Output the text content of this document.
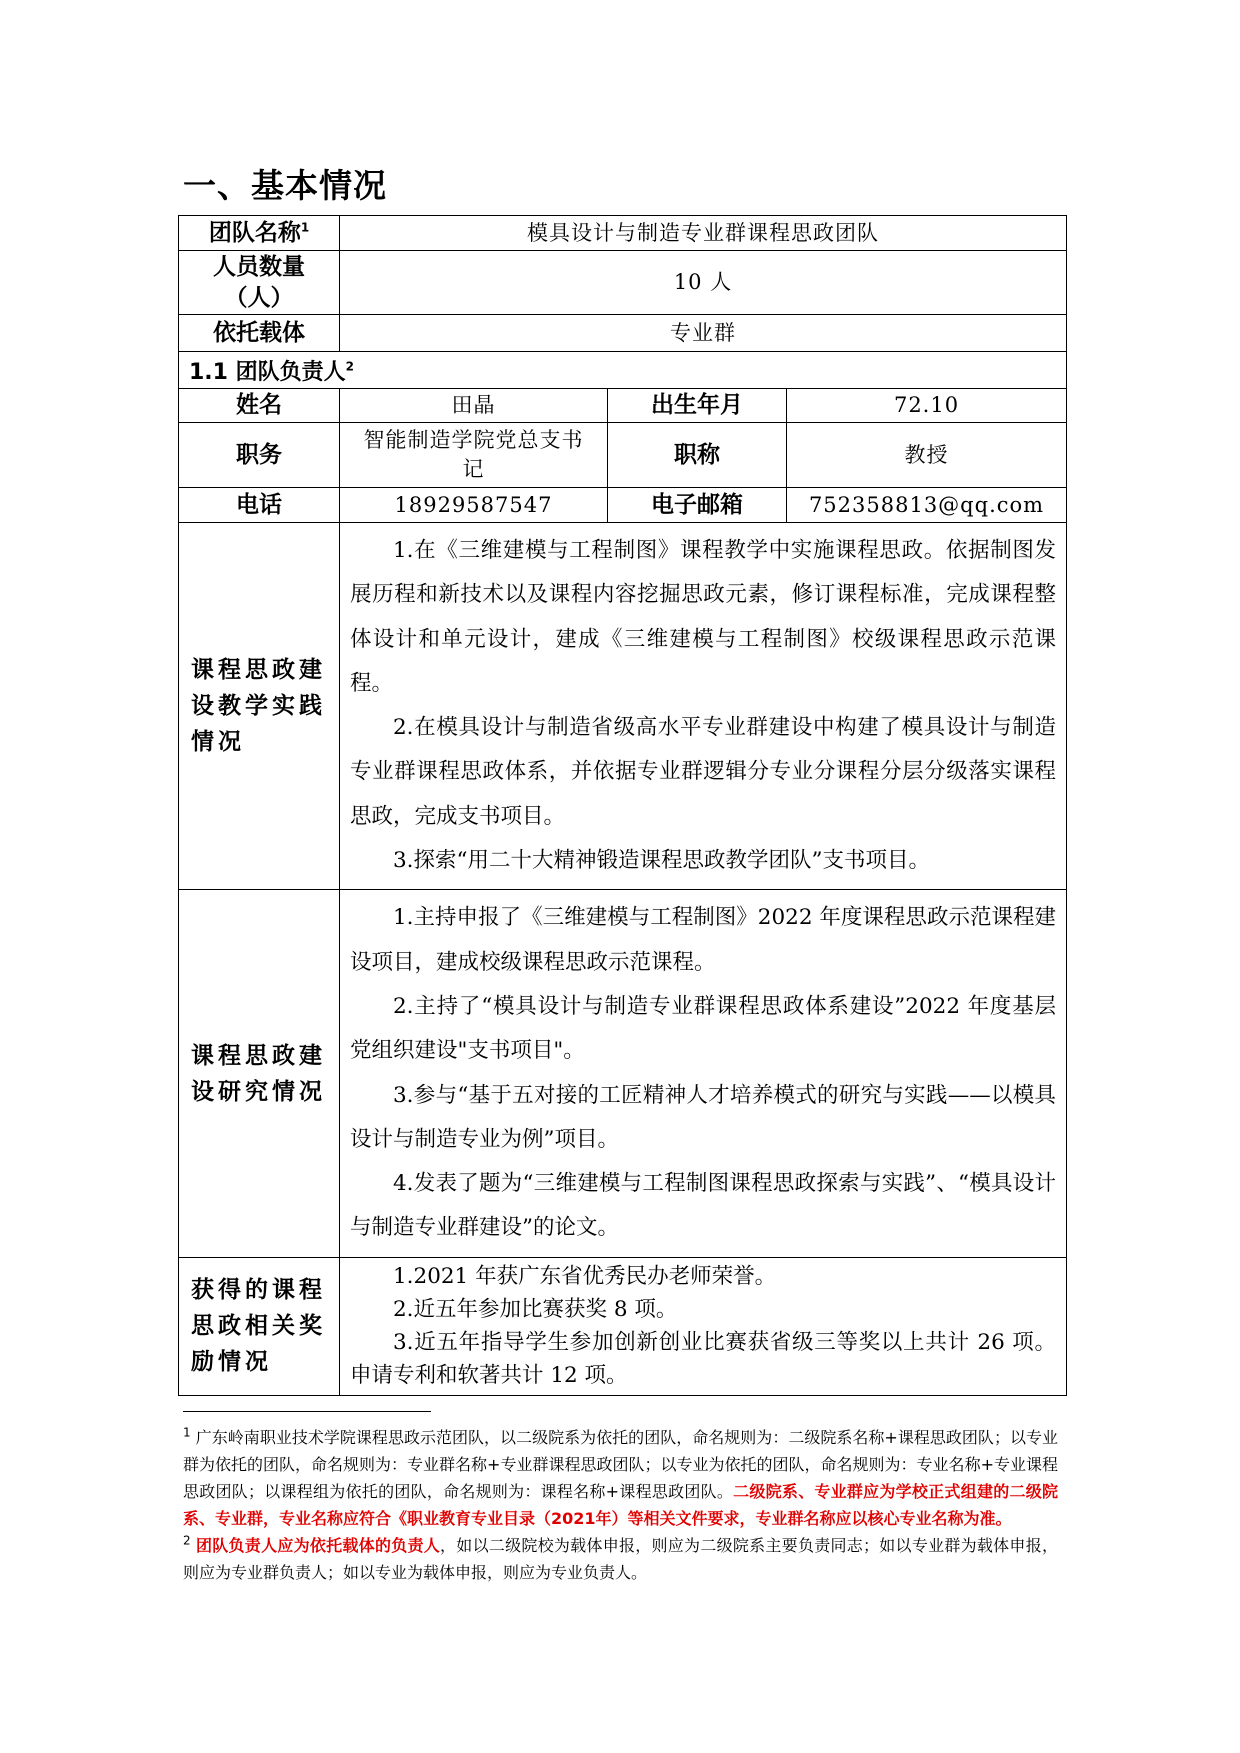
一、基本情况
团队名称$^1$	模具设计与制造专业群课程思政团队		
人员数量（人）	10 人		
依托载体	专业群		
1.1 团队负责人$^2$
姓名	田晶	出生年月	72.10
职务	智能制造学院党总支书记	职称	教授
电话	18929587547	电子邮箱	752358813@qq.com
课程思政建设教学实践情况	1.在《三维建模与工程制图》课程教学中实施课程思政。依据制图发展历程和新技术以及课程内容挖掘思政元素，修订课程标准，完成课程整体设计和单元设计，建成《三维建模与工程制图》校级课程思政示范课程。

2.在模具设计与制造省级高水平专业群建设中构建了模具设计与制造专业群课程思政体系，并依据专业群逻辑分专业分课程分层分级落实课程思政，完成支书项目。

3.探索“用二十大精神锻造课程思政教学团队”支书项目。		

课程思政建设研究情况	1.主持申报了《三维建模与工程制图》2022 年度课程思政示范课程建设项目，建成校级课程思政示范课程。

2.主持了“模具设计与制造专业群课程思政体系建设”2022 年度基层党组织建设"支书项目"。

3.参与“基于五对接的工匠精神人才培养模式的研究与实践——以模具设计与制造专业为例”项目。

4.发表了题为“三维建模与工程制图课程思政探索与实践”、“模具设计与制造专业群建设”的论文。		

获得的课程思政相关奖励情况	1.2021 年获广东省优秀民办老师荣誉。

2.近五年参加比赛获奖 8 项。

3.近五年指导学生参加创新创业比赛获省级三等奖以上共计 26 项。申请专利和软著共计 12 项。		

$^1$ 广东岭南职业技术学院课程思政示范团队，以二级院系为依托的团队，命名规则为：二级院系名称+课程思政团队；以专业群为依托的团队，命名规则为：专业群名称+专业群课程思政团队；以专业为依托的团队，命名规则为：专业名称+专业课程思政团队；以课程组为依托的团队，命名规则为：课程名称+课程思政团队。二级院系、专业群应为学校正式组建的二级院系、专业群，专业名称应符合《职业教育专业目录（2021年）等相关文件要求，专业群名称应以核心专业名称为准。

$^2$ 团队负责人应为依托载体的负责人，如以二级院校为载体申报，则应为二级院系主要负责同志；如以专业群为载体申报，则应为专业群负责人；如以专业为载体申报，则应为专业负责人。
